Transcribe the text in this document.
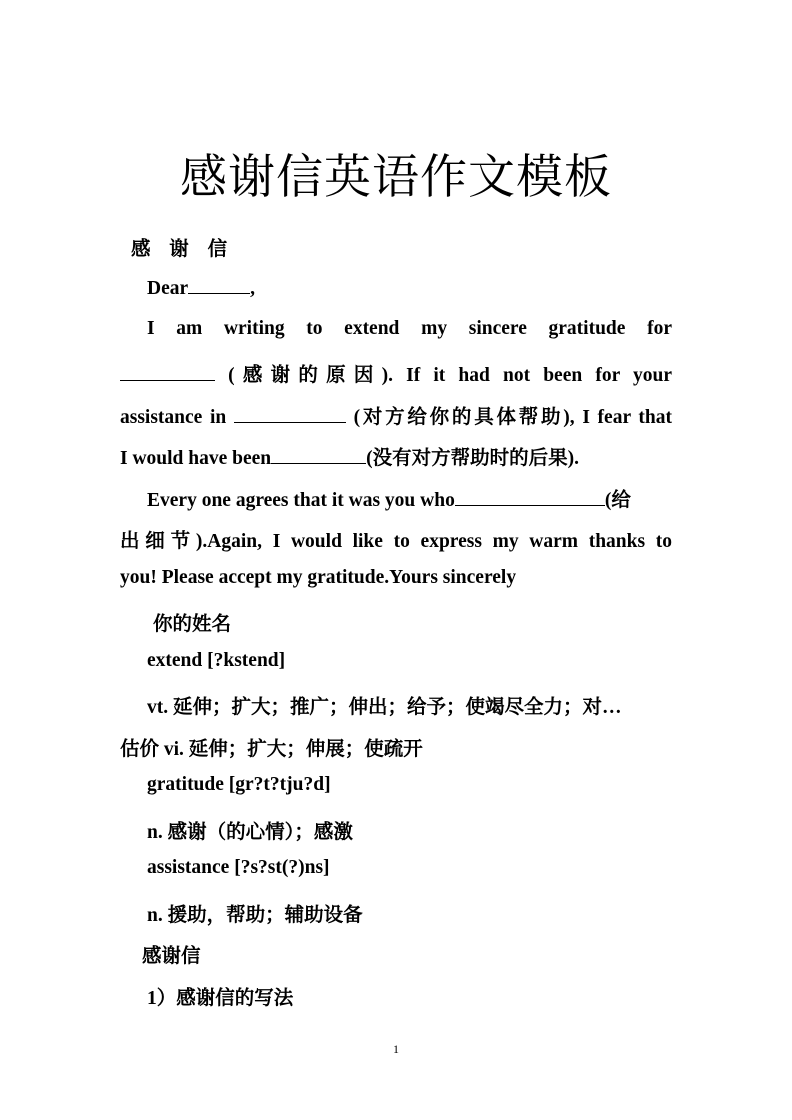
感谢信英语作文模板
感 谢 信
Dear	,
I am writing to extend my sincere gratitude for
(感谢的原因). If it had not been for your
assistance in	(对方给你的具体帮助), I fear that
I would have been	(没有对方帮助时的后果).
Every one agrees that it was you who	(给
出细节).Again, I would like to express my warm thanks to
you! Please accept my gratitude.Yours sincerely
你的姓名
extend [?kstend]
vt. 延伸；扩大；推广；伸出；给予；使竭尽全力；对…
估价 vi. 延伸；扩大；伸展；使疏开
gratitude [gr?t?tju?d]
n. 感谢（的心情）；感激
assistance [?s?st(?)ns]
n. 援助，帮助；辅助设备
感谢信
1）感谢信的写法
1
